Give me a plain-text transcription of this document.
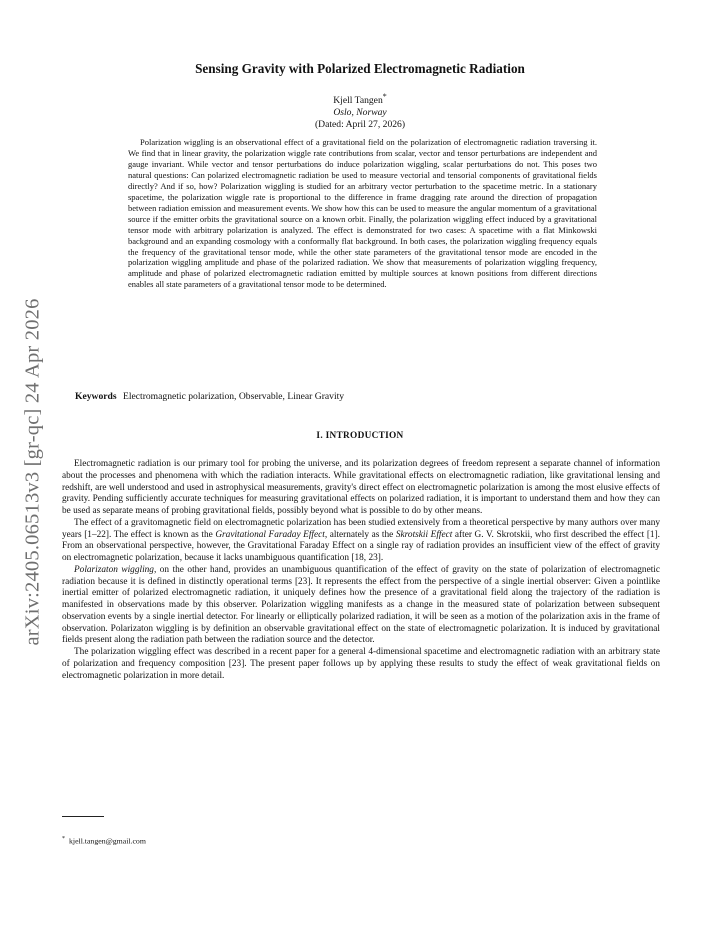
arXiv:2405.06513v3 [gr-qc] 24 Apr 2026
Sensing Gravity with Polarized Electromagnetic Radiation
Kjell Tangen*
Oslo, Norway
(Dated: April 27, 2026)

Polarization wiggling is an observational effect of a gravitational field on the polarization of electromagnetic radiation traversing it. We find that in linear gravity, the polarization wiggle rate contributions from scalar, vector and tensor perturbations are independent and gauge invariant. While vector and tensor perturbations do induce polarization wiggling, scalar perturbations do not. This poses two natural questions: Can polarized electromagnetic radiation be used to measure vectorial and tensorial components of gravitational fields directly? And if so, how? Polarization wiggling is studied for an arbitrary vector perturbation to the spacetime metric. In a stationary spacetime, the polarization wiggle rate is proportional to the difference in frame dragging rate around the direction of propagation between radiation emission and measurement events. We show how this can be used to measure the angular momentum of a gravitational source if the emitter orbits the gravitational source on a known orbit. Finally, the polarization wiggling effect induced by a gravitational tensor mode with arbitrary polarization is analyzed. The effect is demonstrated for two cases: A spacetime with a flat Minkowski background and an expanding cosmology with a conformally flat background. In both cases, the polarization wiggling frequency equals the frequency of the gravitational tensor mode, while the other state parameters of the gravitational tensor mode are encoded in the polarization wiggling amplitude and phase of the polarized radiation. We show that measurements of polarization wiggling frequency, amplitude and phase of polarized electromagnetic radiation emitted by multiple sources at known positions from different directions enables all state parameters of a gravitational tensor mode to be determined.

Keywords Electromagnetic polarization, Observable, Linear Gravity
I. INTRODUCTION

Electromagnetic radiation is our primary tool for probing the universe, and its polarization degrees of freedom represent a separate channel of information about the processes and phenomena with which the radiation interacts. While gravitational effects on electromagnetic radiation, like gravitational lensing and redshift, are well understood and used in astrophysical measurements, gravity's direct effect on electromagnetic polarization is among the most elusive effects of gravity. Pending sufficiently accurate techniques for measuring gravitational effects on polarized radiation, it is important to understand them and how they can be used as separate means of probing gravitational fields, possibly beyond what is possible to do by other means.

The effect of a gravitomagnetic field on electromagnetic polarization has been studied extensively from a theoretical perspective by many authors over many years [1–22]. The effect is known as the Gravitational Faraday Effect, alternately as the Skrotskii Effect after G. V. Skrotskii, who first described the effect [1]. From an observational perspective, however, the Gravitational Faraday Effect on a single ray of radiation provides an insufficient view of the effect of gravity on electromagnetic polarization, because it lacks unambiguous quantification [18, 23].

Polarizaton wiggling, on the other hand, provides an unambiguous quantification of the effect of gravity on the state of polarization of electromagnetic radiation because it is defined in distinctly operational terms [23]. It represents the effect from the perspective of a single inertial observer: Given a pointlike inertial emitter of polarized electromagnetic radiation, it uniquely defines how the presence of a gravitational field along the trajectory of the radiation is manifested in observations made by this observer. Polarization wiggling manifests as a change in the measured state of polarization between subsequent observation events by a single inertial detector. For linearly or elliptically polarized radiation, it will be seen as a motion of the polarization axis in the frame of observation. Polarizaton wiggling is by definition an observable gravitational effect on the state of electromagnetic polarization. It is induced by gravitational fields present along the radiation path between the radiation source and the detector.

The polarization wiggling effect was described in a recent paper for a general 4-dimensional spacetime and electromagnetic radiation with an arbitrary state of polarization and frequency composition [23]. The present paper follows up by applying these results to study the effect of weak gravitational fields on electromagnetic polarization in more detail.

* kjell.tangen@gmail.com
